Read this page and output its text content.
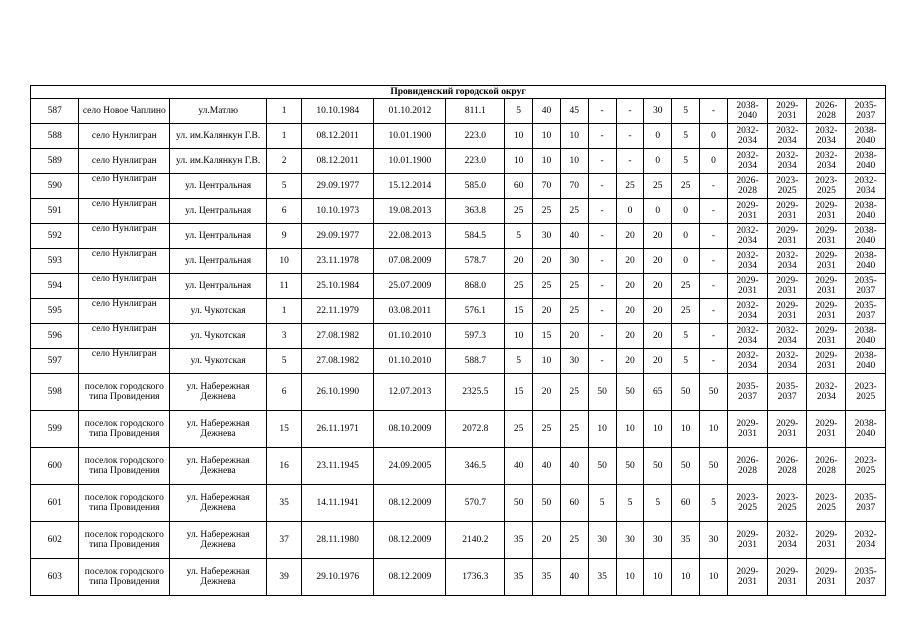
Провиденский городской округ																		
587	село Новое Чаплино	ул.Матлю	1	10.10.1984	01.10.2012	811.1	5	40	45	-	-	30	5	-	2038-2040	2029-2031	2026-2028	2035-2037
588	село Нунлигран	ул. им.Калянкун Г.В.	1	08.12.2011	10.01.1900	223.0	10	10	10	-	-	0	5	0	2032-2034	2032-2034	2032-2034	2038-2040
589	село Нунлигран	ул. им.Калянкун Г.В.	2	08.12.2011	10.01.1900	223.0	10	10	10	-	-	0	5	0	2032-2034	2032-2034	2032-2034	2038-2040
590	село Нунлигран	ул. Центральная	5	29.09.1977	15.12.2014	585.0	60	70	70	-	25	25	25	-	2026-2028	2023-2025	2023-2025	2032-2034
591	село Нунлигран	ул. Центральная	6	10.10.1973	19.08.2013	363.8	25	25	25	-	0	0	0	-	2029-2031	2029-2031	2029-2031	2038-2040
592	село Нунлигран	ул. Центральная	9	29.09.1977	22.08.2013	584.5	5	30	40	-	20	20	0	-	2032-2034	2029-2031	2029-2031	2038-2040
593	село Нунлигран	ул. Центральная	10	23.11.1978	07.08.2009	578.7	20	20	30	-	20	20	0	-	2032-2034	2032-2034	2029-2031	2038-2040
594	село Нунлигран	ул. Центральная	11	25.10.1984	25.07.2009	868.0	25	25	25	-	20	20	25	-	2029-2031	2029-2031	2029-2031	2035-2037
595	село Нунлигран	ул. Чукотская	1	22.11.1979	03.08.2011	576.1	15	20	25	-	20	20	25	-	2032-2034	2029-2031	2029-2031	2035-2037
596	село Нунлигран	ул. Чукотская	3	27.08.1982	01.10.2010	597.3	10	15	20	-	20	20	5	-	2032-2034	2032-2034	2029-2031	2038-2040
597	село Нунлигран	ул. Чукотская	5	27.08.1982	01.10.2010	588.7	5	10	30	-	20	20	5	-	2032-2034	2032-2034	2029-2031	2038-2040
598	поселок городского типа Провидения	ул. Набережная Дежнева	6	26.10.1990	12.07.2013	2325.5	15	20	25	50	50	65	50	50	2035-2037	2035-2037	2032-2034	2023-2025
599	поселок городского типа Провидения	ул. Набережная Дежнева	15	26.11.1971	08.10.2009	2072.8	25	25	25	10	10	10	10	10	2029-2031	2029-2031	2029-2031	2038-2040
600	поселок городского типа Провидения	ул. Набережная Дежнева	16	23.11.1945	24.09.2005	346.5	40	40	40	50	50	50	50	50	2026-2028	2026-2028	2026-2028	2023-2025
601	поселок городского типа Провидения	ул. Набережная Дежнева	35	14.11.1941	08.12.2009	570.7	50	50	60	5	5	5	60	5	2023-2025	2023-2025	2023-2025	2035-2037
602	поселок городского типа Провидения	ул. Набережная Дежнева	37	28.11.1980	08.12.2009	2140.2	35	20	25	30	30	30	35	30	2029-2031	2032-2034	2029-2031	2032-2034
603	поселок городского типа Провидения	ул. Набережная Дежнева	39	29.10.1976	08.12.2009	1736.3	35	35	40	35	10	10	10	10	2029-2031	2029-2031	2029-2031	2035-2037
